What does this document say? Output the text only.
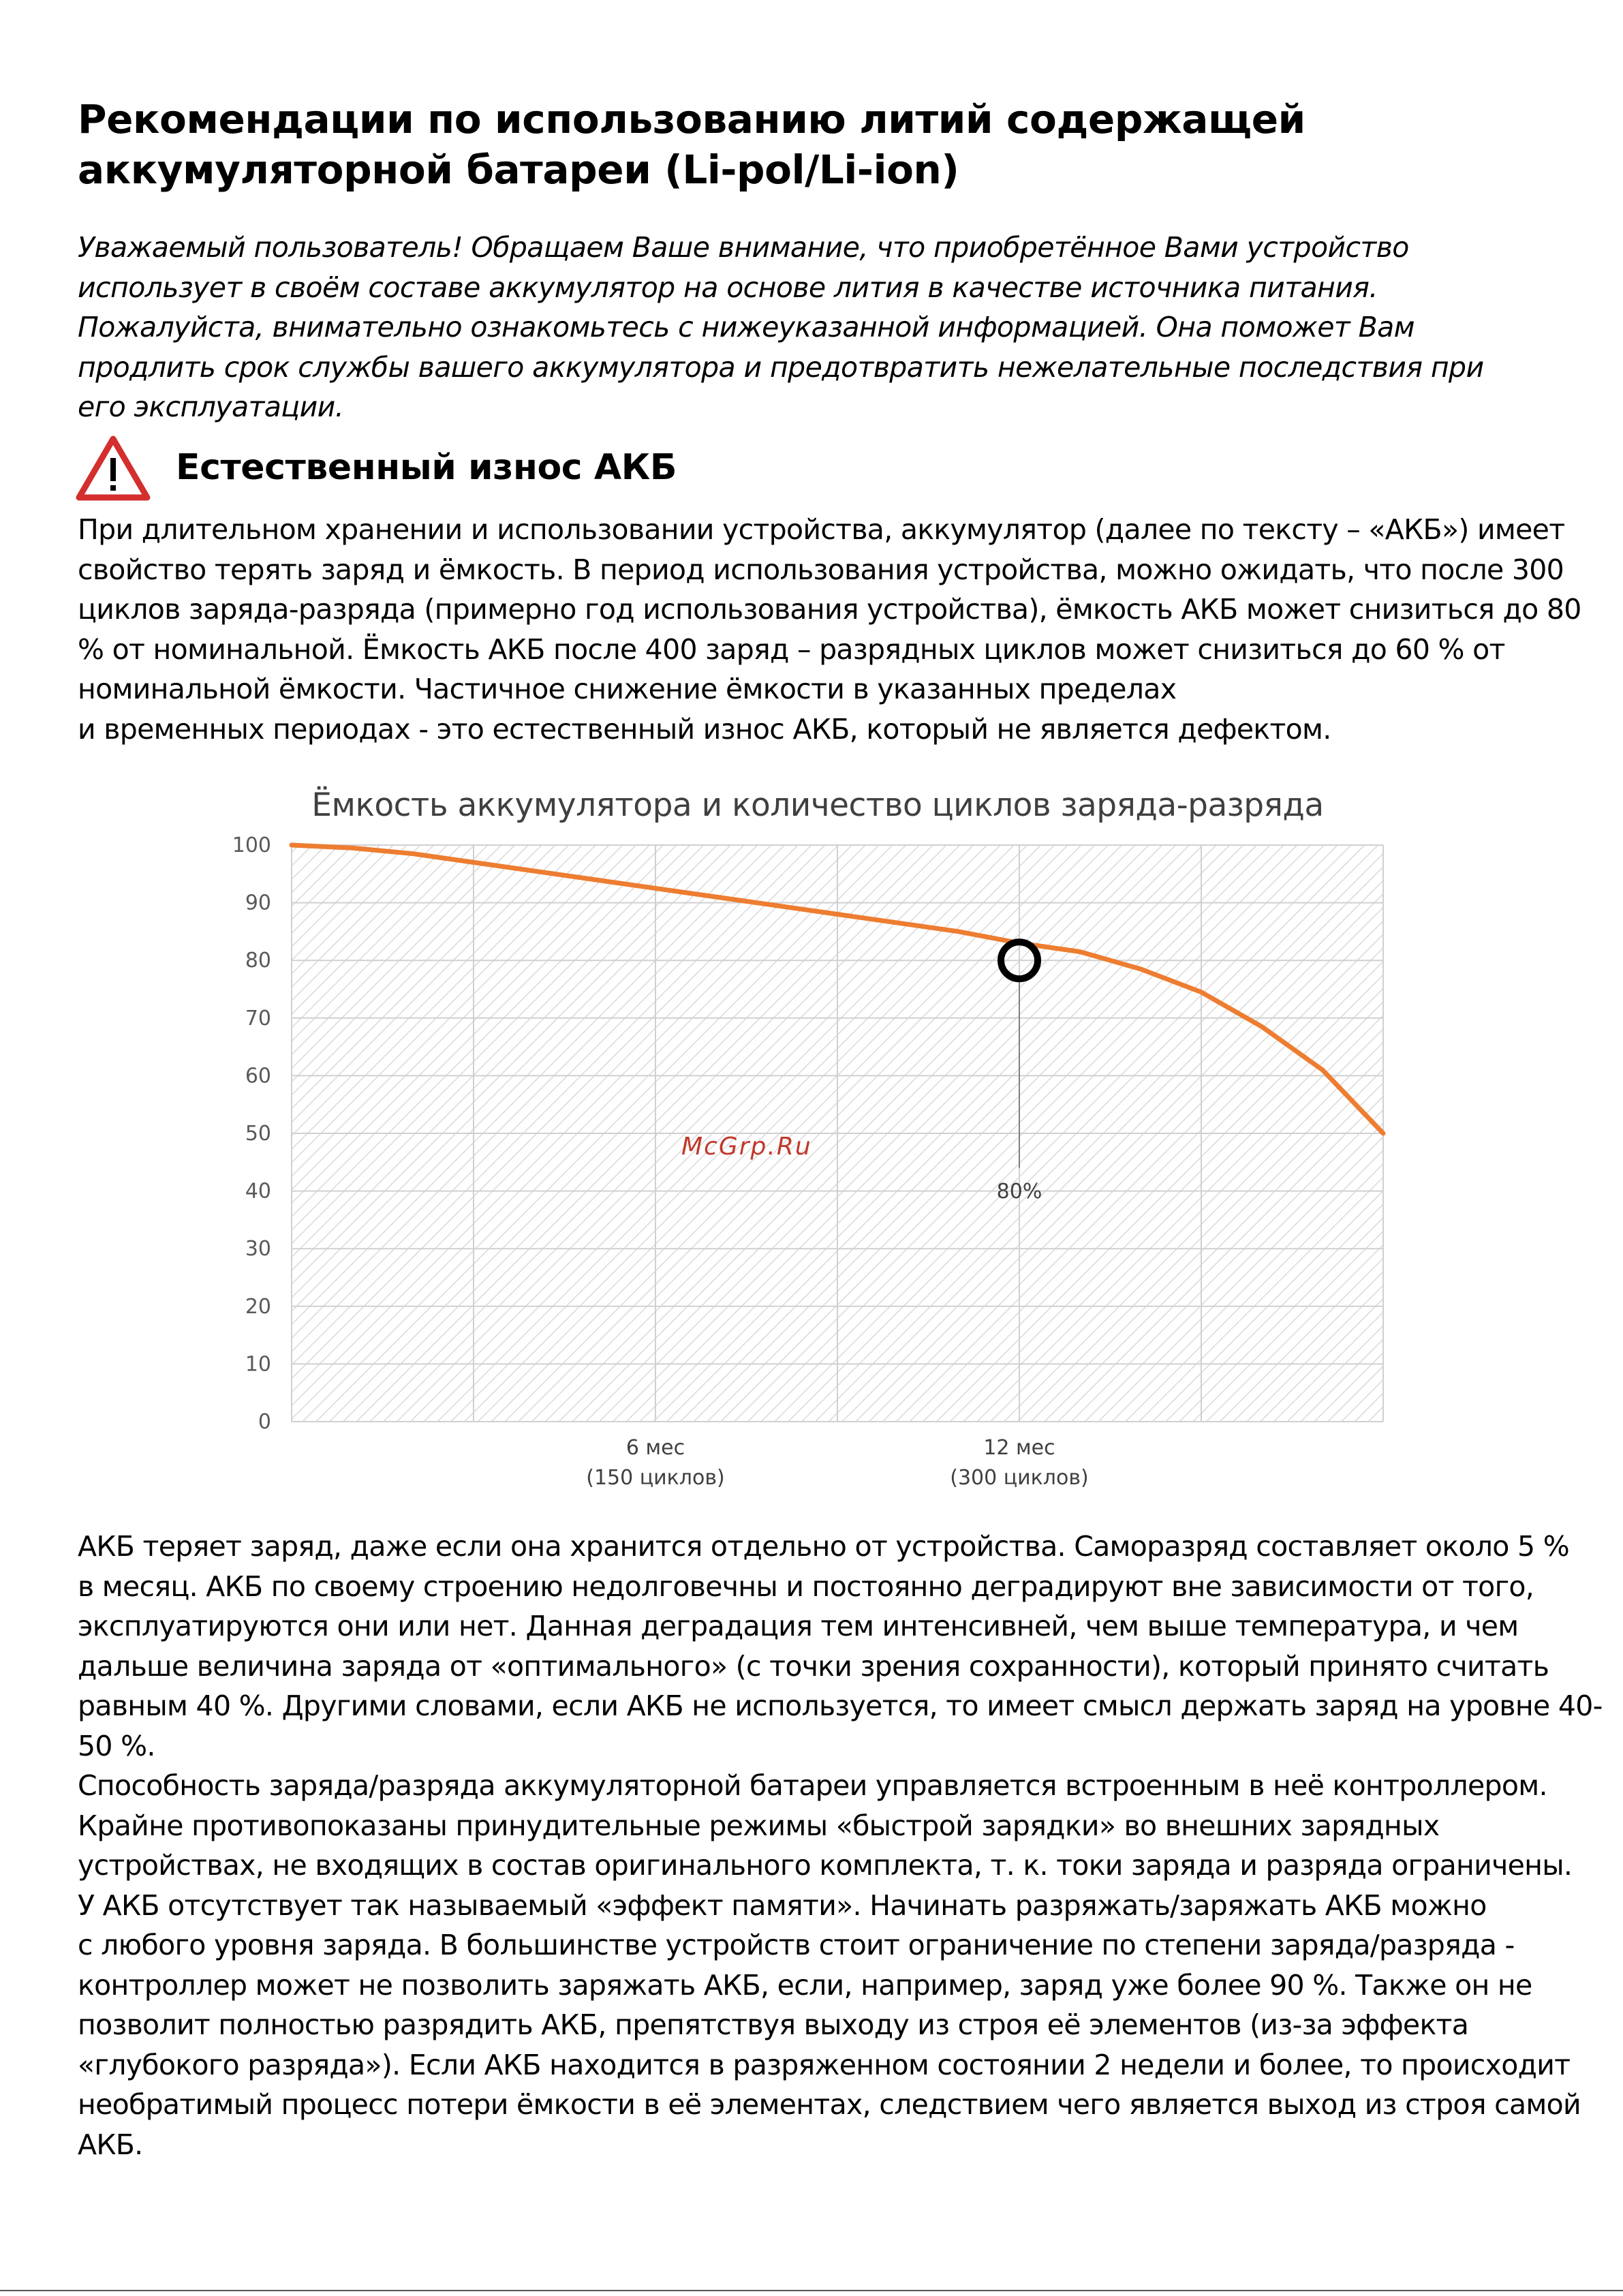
Рекомендации по использованию литий содержащей
аккумуляторной батареи (Li-pol/Li-ion)

Уважаемый пользователь! Обращаем Ваше внимание, что приобретённое Вами устройство
использует в своём составе аккумулятор на основе лития в качестве источника питания.
Пожалуйста, внимательно ознакомьтесь с нижеуказанной информацией. Она поможет Вам
продлить срок службы вашего аккумулятора и предотвратить нежелательные последствия при
его эксплуатации.

Естественный износ АКБ

При длительном хранении и использовании устройства, аккумулятор (далее по тексту – «АКБ») имеет
свойство терять заряд и ёмкость. В период использования устройства, можно ожидать, что после 300
циклов заряда-разряда (примерно год использования устройства), ёмкость АКБ может снизиться до 80
% от номинальной. Ёмкость АКБ после 400 заряд – разрядных циклов может снизиться до 60 % от
номинальной ёмкости. Частичное снижение ёмкости в указанных пределах
и временных периодах - это естественный износ АКБ, который не является дефектом.

Ёмкость аккумулятора и количество циклов заряда-разряда
0
10
20
30
40
50
60
70
80
90
100
6 мес
(150 циклов)
12 мес
(300 циклов)
80%
McGrp.Ru

АКБ теряет заряд, даже если она хранится отдельно от устройства. Саморазряд составляет около 5 %
в месяц. АКБ по своему строению недолговечны и постоянно деградируют вне зависимости от того,
эксплуатируются они или нет. Данная деградация тем интенсивней, чем выше температура, и чем
дальше величина заряда от «оптимального» (с точки зрения сохранности), который принято считать
равным 40 %. Другими словами, если АКБ не используется, то имеет смысл держать заряд на уровне 40-
50 %.
Способность заряда/разряда аккумуляторной батареи управляется встроенным в неё контроллером.
Крайне противопоказаны принудительные режимы «быстрой зарядки» во внешних зарядных
устройствах, не входящих в состав оригинального комплекта, т. к. токи заряда и разряда ограничены.
У АКБ отсутствует так называемый «эффект памяти». Начинать разряжать/заряжать АКБ можно
с любого уровня заряда. В большинстве устройств стоит ограничение по степени заряда/разряда -
контроллер может не позволить заряжать АКБ, если, например, заряд уже более 90 %. Также он не
позволит полностью разрядить АКБ, препятствуя выходу из строя её элементов (из-за эффекта
«глубокого разряда»). Если АКБ находится в разряженном состоянии 2 недели и более, то происходит
необратимый процесс потери ёмкости в её элементах, следствием чего является выход из строя самой
АКБ.
